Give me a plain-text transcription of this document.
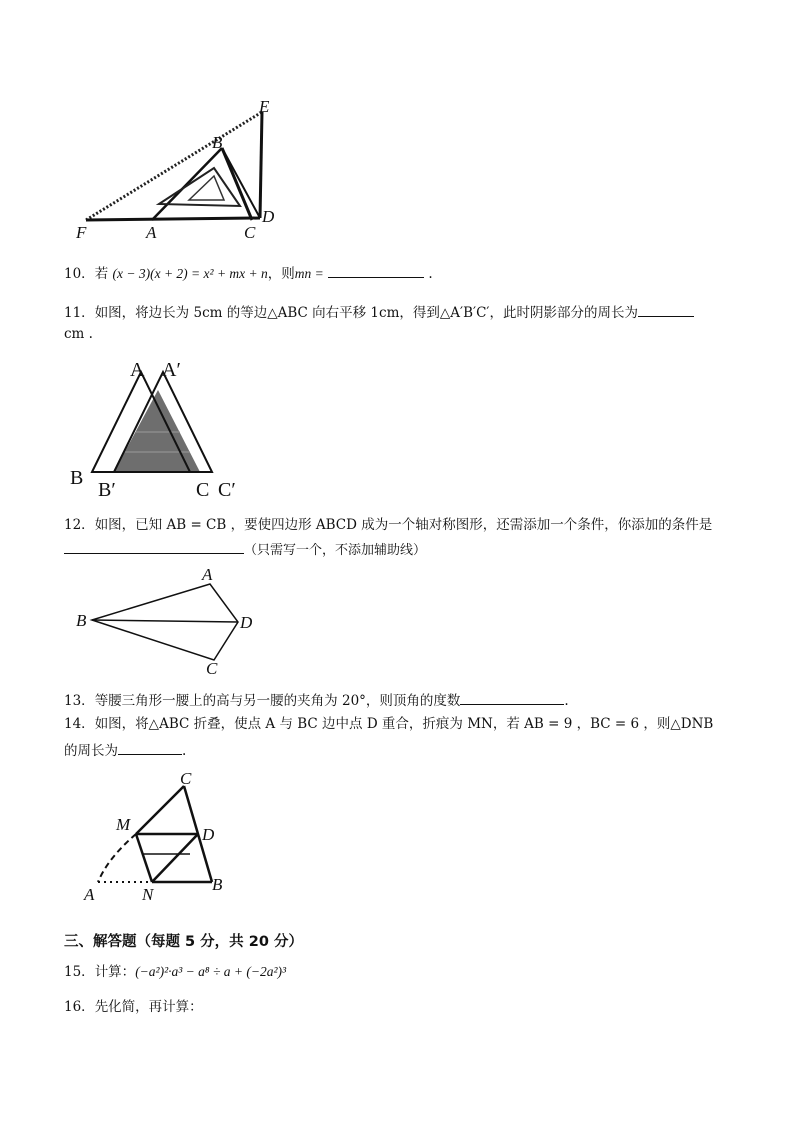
E
B
D
F	A	C
10．若 (x − 3)(x + 2) = x² + mx + n，则mn =	.
11．如图，将边长为 5cm 的等边△ABC 向右平移 1cm，得到△A′B′C′，此时阴影部分的周长为
cm .
A A′
B
B′	C C′
12．如图，已知 AB = CB ，要使四边形 ABCD 成为一个轴对称图形，还需添加一个条件，你添加的条件是
（只需写一个，不添加辅助线）
A
B	D
C
13．等腰三角形一腰上的高与另一腰的夹角为 20°，则顶角的度数	.
14．如图，将△ABC 折叠，使点 A 与 BC 边中点 D 重合，折痕为 MN，若 AB = 9 ，BC = 6 ，则△DNB
的周长为	.
C
M
D
A	N
B
三、解答题（每题 5 分，共 20 分）
15．计算：(−a²)²·a³ − a⁸ ÷ a + (−2a²)³
16．先化简，再计算：
